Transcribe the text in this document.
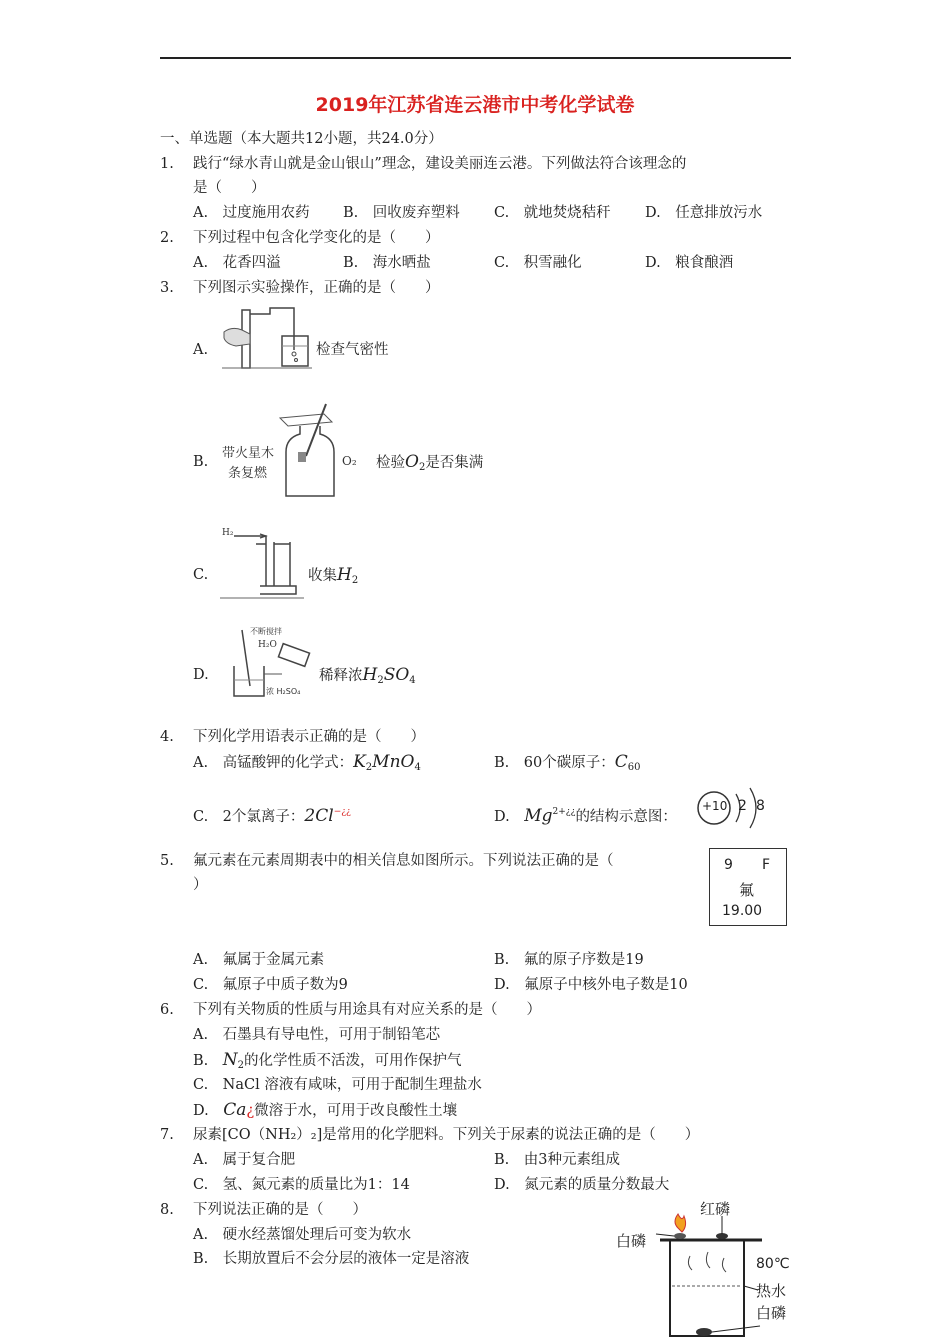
2019年江苏省连云港市中考化学试卷
一、单选题（本大题共12小题，共24.0分）
1. 践行“绿水青山就是金山银山”理念，建设美丽连云港。下列做法符合该理念的
是（　　）
A.　过度施用农药 B.　回收废弃塑料 C.　就地焚烧秸秆 D.　任意排放污水
2. 下列过程中包含化学变化的是（　　）
A.　花香四溢	B.　海水晒盐	C.　积雪融化	D.　粮食酿酒
3. 下列图示实验操作，正确的是（　　）
A.	检查气密性
B.
带火星木
条复燃
O₂ 检验$O_2$是否集满
C.
H₂
收集$H_2$
D.
不断搅拌
H₂O
浓 H₂SO₄
稀释浓$H_2SO_4$
4. 下列化学用语表示正确的是（　　）
A.　高锰酸钾的化学式：$K_2MnO_4$	B.　60个碳原子：$C_{60}$
C.　2个氯离子：2Cl−¿¿	D.　$Mg^{2+¿¿}$的结构示意图：
+10 2 8
5. 氟元素在元素周期表中的相关信息如图所示。下列说法正确的是（
）
9 F
氟
19.00
A.　氟属于金属元素	B.　氟的原子序数是19
C.　氟原子中质子数为9	D.　氟原子中核外电子数是10
6. 下列有关物质的性质与用途具有对应关系的是（　　）
A.　石墨具有导电性，可用于制铅笔芯
B.　$N_2$的化学性质不活泼，可用作保护气
C.　NaCl 溶液有咸味，可用于配制生理盐水
D.　Ca¿微溶于水，可用于改良酸性土壤
7. 尿素[CO（NH₂）₂]是常用的化学肥料。下列关于尿素的说法正确的是（　　）
A.　属于复合肥	B.　由3种元素组成
C.　氢、氮元素的质量比为1：14	D.　氮元素的质量分数最大
8. 下列说法正确的是（　　）
A.　硬水经蒸馏处理后可变为软水
B.　长期放置后不会分层的液体一定是溶液
红磷
白磷
80℃
热水
白磷
